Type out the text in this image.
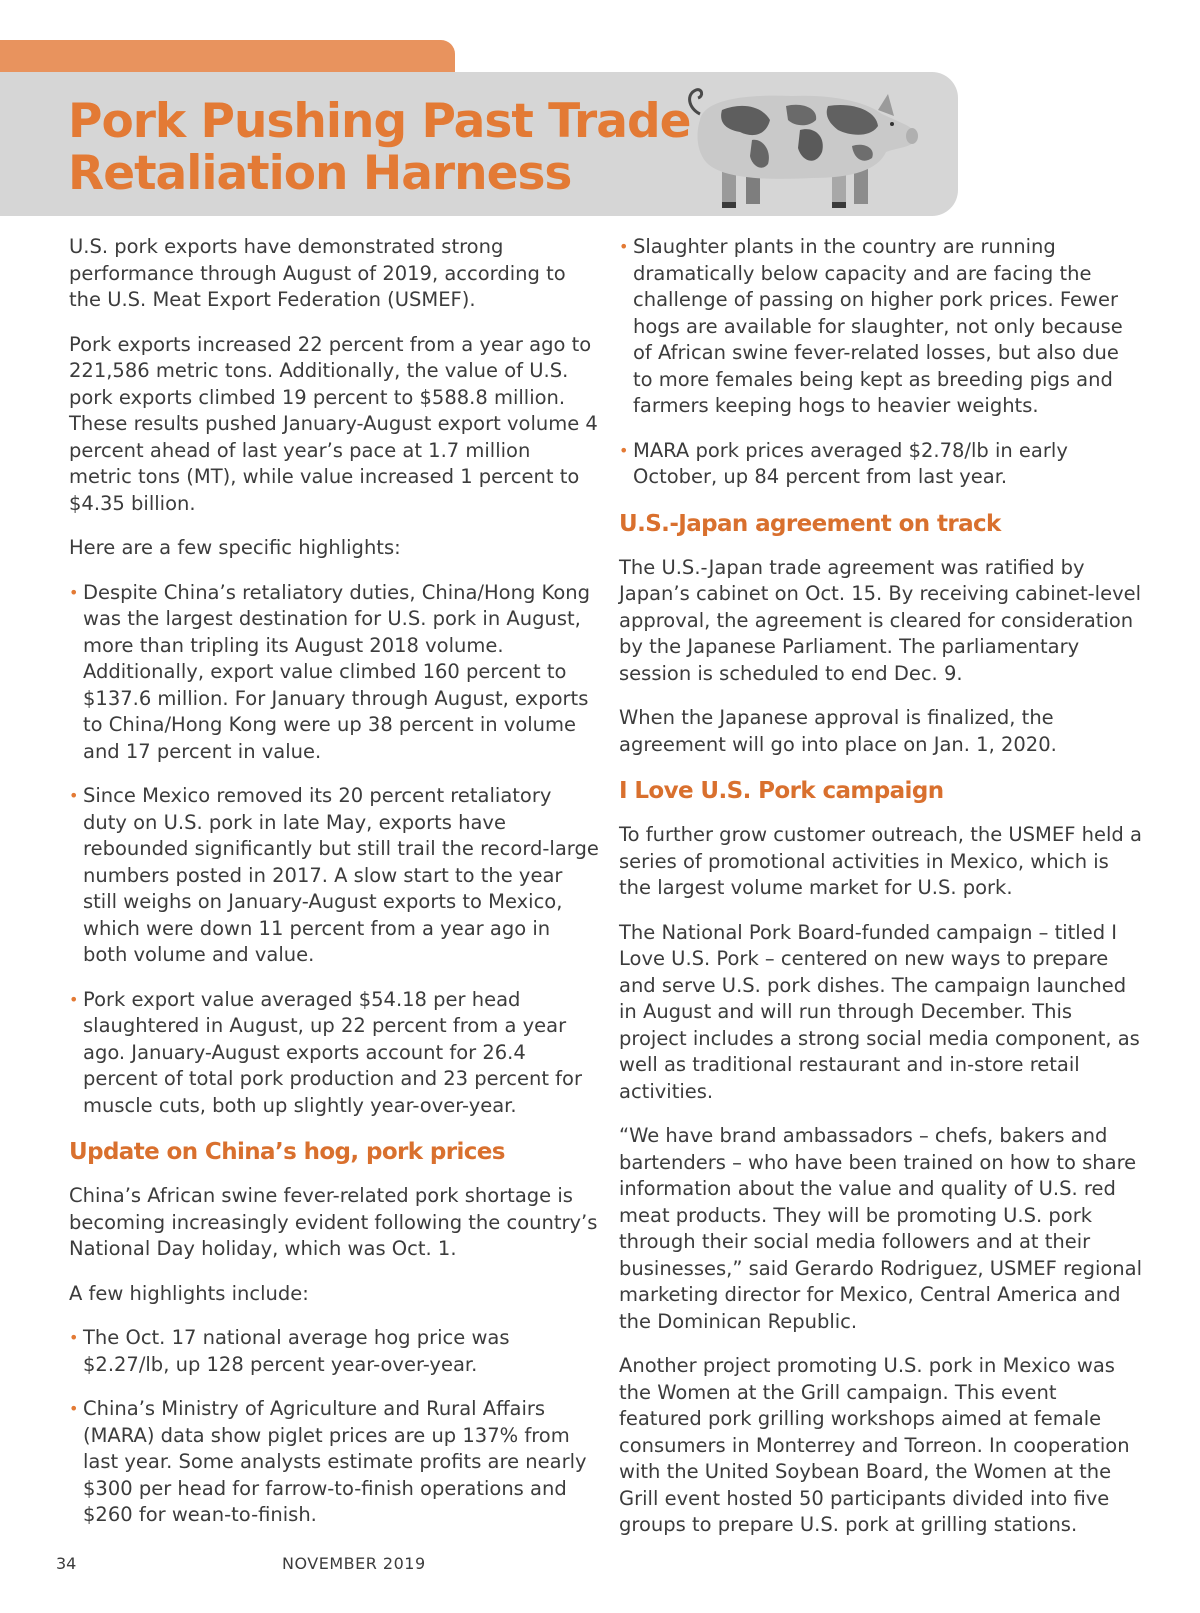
Pork Pushing Past Trade
Retaliation Harness

U.S. pork exports have demonstrated strong performance through August of 2019, according to the U.S. Meat Export Federation (USMEF).

Pork exports increased 22 percent from a year ago to 221,586 metric tons. Additionally, the value of U.S. pork exports climbed 19 percent to $588.8 million. These results pushed January-August export volume 4 percent ahead of last year’s pace at 1.7 million metric tons (MT), while value increased 1 percent to $4.35 billion.

Here are a few specific highlights:

• Despite China’s retaliatory duties, China/Hong Kong was the largest destination for U.S. pork in August, more than tripling its August 2018 volume. Additionally, export value climbed 160 percent to $137.6 million. For January through August, exports to China/Hong Kong were up 38 percent in volume and 17 percent in value.
• Since Mexico removed its 20 percent retaliatory duty on U.S. pork in late May, exports have rebounded significantly but still trail the record-large numbers posted in 2017. A slow start to the year still weighs on January-August exports to Mexico, which were down 11 percent from a year ago in both volume and value.
• Pork export value averaged $54.18 per head slaughtered in August, up 22 percent from a year ago. January-August exports account for 26.4 percent of total pork production and 23 percent for muscle cuts, both up slightly year-over-year.
Update on China’s hog, pork prices

China’s African swine fever-related pork shortage is becoming increasingly evident following the country’s National Day holiday, which was Oct. 1.

A few highlights include:

• The Oct. 17 national average hog price was $2.27/lb, up 128 percent year-over-year.
• China’s Ministry of Agriculture and Rural Affairs (MARA) data show piglet prices are up 137% from last year. Some analysts estimate profits are nearly $300 per head for farrow-to-finish operations and $260 for wean-to-finish.
• Slaughter plants in the country are running dramatically below capacity and are facing the challenge of passing on higher pork prices. Fewer hogs are available for slaughter, not only because of African swine fever-related losses, but also due to more females being kept as breeding pigs and farmers keeping hogs to heavier weights.
• MARA pork prices averaged $2.78/lb in early October, up 84 percent from last year.
U.S.-Japan agreement on track

The U.S.-Japan trade agreement was ratified by Japan’s cabinet on Oct. 15. By receiving cabinet-level approval, the agreement is cleared for consideration by the Japanese Parliament. The parliamentary session is scheduled to end Dec. 9.

When the Japanese approval is finalized, the agreement will go into place on Jan. 1, 2020.

I Love U.S. Pork campaign

To further grow customer outreach, the USMEF held a series of promotional activities in Mexico, which is the largest volume market for U.S. pork.

The National Pork Board-funded campaign – titled I Love U.S. Pork – centered on new ways to prepare and serve U.S. pork dishes. The campaign launched in August and will run through December. This project includes a strong social media component, as well as traditional restaurant and in-store retail activities.

“We have brand ambassadors – chefs, bakers and bartenders – who have been trained on how to share information about the value and quality of U.S. red meat products. They will be promoting U.S. pork through their social media followers and at their businesses,” said Gerardo Rodriguez, USMEF regional marketing director for Mexico, Central America and the Dominican Republic.

Another project promoting U.S. pork in Mexico was the Women at the Grill campaign. This event featured pork grilling workshops aimed at female consumers in Monterrey and Torreon. In cooperation with the United Soybean Board, the Women at the Grill event hosted 50 participants divided into five groups to prepare U.S. pork at grilling stations.

34	NOVEMBER 2019
